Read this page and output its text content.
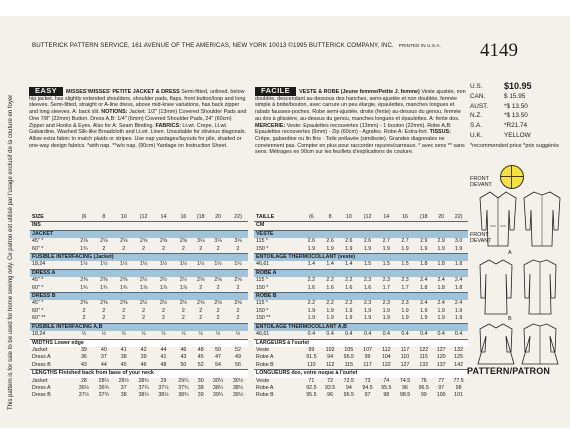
BUTTERICK PATTERN SERVICE, 161 AVENUE OF THE AMERICAS, NEW YORK 10013 ©1995 BUTTERICK COMPANY, INC. PRINTED IN U.S.A. 4149
This pattern is for sale to be used for home sewing only. Ce patron est utilisé par l'usage exclusif de la couture en foyer
EASY MISSES'/MISSES' PETITE JACKET & DRESS Semi-fitted, unlined, below hip jacket, has slightly extended shoulders, shoulder pads, flaps, front button/loop and long sleeves. Semi-fitted, straight or A-line dress, above mid-knee variations, has back zipper and long sleeves. A: back slit. NOTIONS: Jacket: 1/2" (13mm) Covered Shoulder Pads and One 7/8" (22mm) Button. Dress A,B: 1/4" (6mm) Covered Shoulder Pads, 24" (60cm) Zipper and Hooks & Eyes. Also for A: Seam Binding. FABRICS: Lt.wt. Crepe, Lt.wt. Gabardine, Washed Silk-like Broadcloth and Lt.wt. Linen. Unsuitable for obvious diagonals. Allow extra fabric to match plaids or stripes. Use nap yardages/layouts for pile, shaded or one-way design fabrics. *with nap. **w/o nap. (90cm) Yardage on Instruction Sheet.
FACILE VESTE & ROBE (Jeune femme/Petite J. femme) Veste ajustée, non doublée, descendant au-dessous des hanches, semi-ajustée et non doublée, fermée simple à bride/bouton, avec carrure un peu élargie, épaulettes, manches longues et rabats fausses-poches. Robe semi-ajustée, droite (fente) au-dessus du genou, fermée au dos à glissière, au-dessus du genou, manches longues et épaulettes. A: fente dos. MERCERIE: Veste: Epaulettes recouvertes (13mm) - 1 bouton (22mm). Robe A,B: Epaulettes recouvertes (6mm) - Zip (60cm) - Agrafes. Robe A: Extra-fort. TISSUS: Crêpe, gabardine ou lin fins · Toile prélavée (similisoie). Grandes diagonales ne conviennent pas. Compter en plus pour raccorder rayures/carreaux. * avec sens ** sans sens. Métrages en 90cm sur les feuillets d'explications de couture.
U.S.	$10.95
CAN.	$ 15.95
AUST.	*$ 13.50
N.Z.	*$ 13.50
S.A.	*R21.74
U.K.	YELLOW
*recommended price *prix suggérés
FRONT DEVANT
SIZE	(6	8	10	(12	14	16	(18	20	22)
INS									
JACKET									
45" *	2⅛	2⅛	2⅛	2⅝	2⅝	2⅝	3⅛	3⅛	3⅛
60" *	1¾	2	2	2	2	2	2	2	2
FUSIBLE INTERFACING (Jacket)									
18,24	1½	1½	1½	1½	1½	1½	1½	1½	1½
DRESS A									
45" *	2⅜	2⅜	2⅜	2½	2½	2½	2⅝	2⅝	2⅝
60" *	1¾	1¾	1¾	1⅞	1⅞	1⅞	2	2	2
DRESS B									
45" *	2⅜	2⅜	2⅜	2½	2½	2½	2⅝	2⅝	2⅝
60" *	2	2	2	2	2	2	2	2	2
60" **	2	2	2	2	2	2	2	2	2
FUSIBLE INTERFACING A,B									
18,24	½	½	½	½	½	½	½	½	½
WIDTHS Lower edge									
Jacket	39	40	41	42	44	46	48	50	52
Dress A	36	37	38	39	41	43	45	47	49
Dress B	43	44	45	46	48	50	52	54	56
LENGTHS Finished back from base of your neck									
Jacket	28	28¼	28½	28¾	29	29¼	30	30¼	30½
Dress A	36½	36¾	37	37¼	37½	37¾	38	38¼	38½
Dress B	37½	37¾	38	38¼	38½	38¾	39	39¼	39½
TAILLE	(6	8	10	(12	14	16	(18	20	22)
CM									
VESTE									
115 *	2.6	2.6	2.6	2.6	2.7	2.7	2.9	2.9	3.0
150 *	1.9	1.9	1.9	1.9	1.9	1.9	1.9	1.9	1.9
ENTOILAGE THERMOCOLLANT (veste)									
46,61	1.4	1.4	1.4	1.5	1.5	1.5	1.8	1.8	1.8
ROBE A									
115 *	2.2	2.2	2.2	2.3	2.3	2.3	2.4	2.4	2.4
150 *	1.6	1.6	1.6	1.6	1.7	1.7	1.8	1.8	1.8
ROBE B									
115 *	2.2	2.2	2.2	2.3	2.3	2.3	2.4	2.4	2.4
150 *	1.9	1.9	1.9	1.9	1.9	1.9	1.9	1.9	1.9
150 **	1.9	1.9	1.9	1.9	1.9	1.9	1.9	1.9	1.9
ENTOILAGE THERMOCOLLANT A,B									
46,61	0.4	0.4	0.4	0.4	0.4	0.4	0.4	0.4	0.4
LARGEURS à l'ourlet									
Veste	99	102	105	107	112	117	122	127	132
Robe A	91.5	94	96.5	99	104	110	115	120	125
Robe B	110	112	115	117	122	127	132	137	142
LONGUEURS dos, votre nuque à l'ourlet									
Veste	71	72	72.5	73	74	74.5	76	77	77.5
Robe A	92.5	93.5	94	94.5	95.5	96	96.5	97	98
Robe B	95.5	96	96.5	97	98	98.5	99	100	101
FRONT DEVANT
A
B
PATTERN/PATRON
